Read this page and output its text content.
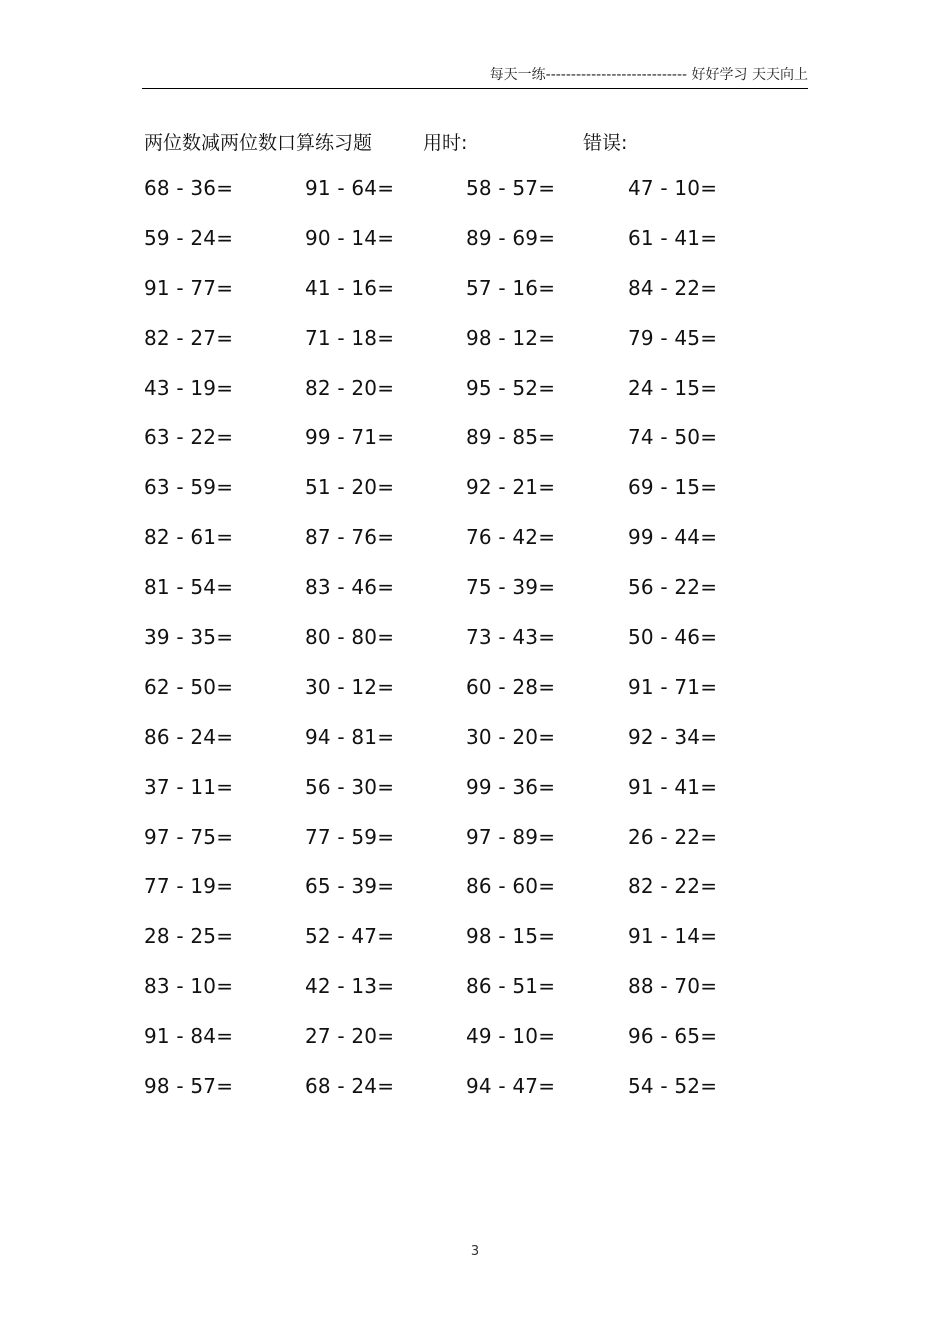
每天一练---------------------------- 好好学习 天天向上
两位数减两位数口算练习题	用时:	错误:
68 - 36=	91 - 64=	58 - 57=	47 - 10=
59 - 24=	90 - 14=	89 - 69=	61 - 41=
91 - 77=	41 - 16=	57 - 16=	84 - 22=
82 - 27=	71 - 18=	98 - 12=	79 - 45=
43 - 19=	82 - 20=	95 - 52=	24 - 15=
63 - 22=	99 - 71=	89 - 85=	74 - 50=
63 - 59=	51 - 20=	92 - 21=	69 - 15=
82 - 61=	87 - 76=	76 - 42=	99 - 44=
81 - 54=	83 - 46=	75 - 39=	56 - 22=
39 - 35=	80 - 80=	73 - 43=	50 - 46=
62 - 50=	30 - 12=	60 - 28=	91 - 71=
86 - 24=	94 - 81=	30 - 20=	92 - 34=
37 - 11=	56 - 30=	99 - 36=	91 - 41=
97 - 75=	77 - 59=	97 - 89=	26 - 22=
77 - 19=	65 - 39=	86 - 60=	82 - 22=
28 - 25=	52 - 47=	98 - 15=	91 - 14=
83 - 10=	42 - 13=	86 - 51=	88 - 70=
91 - 84=	27 - 20=	49 - 10=	96 - 65=
98 - 57=	68 - 24=	94 - 47=	54 - 52=
3
